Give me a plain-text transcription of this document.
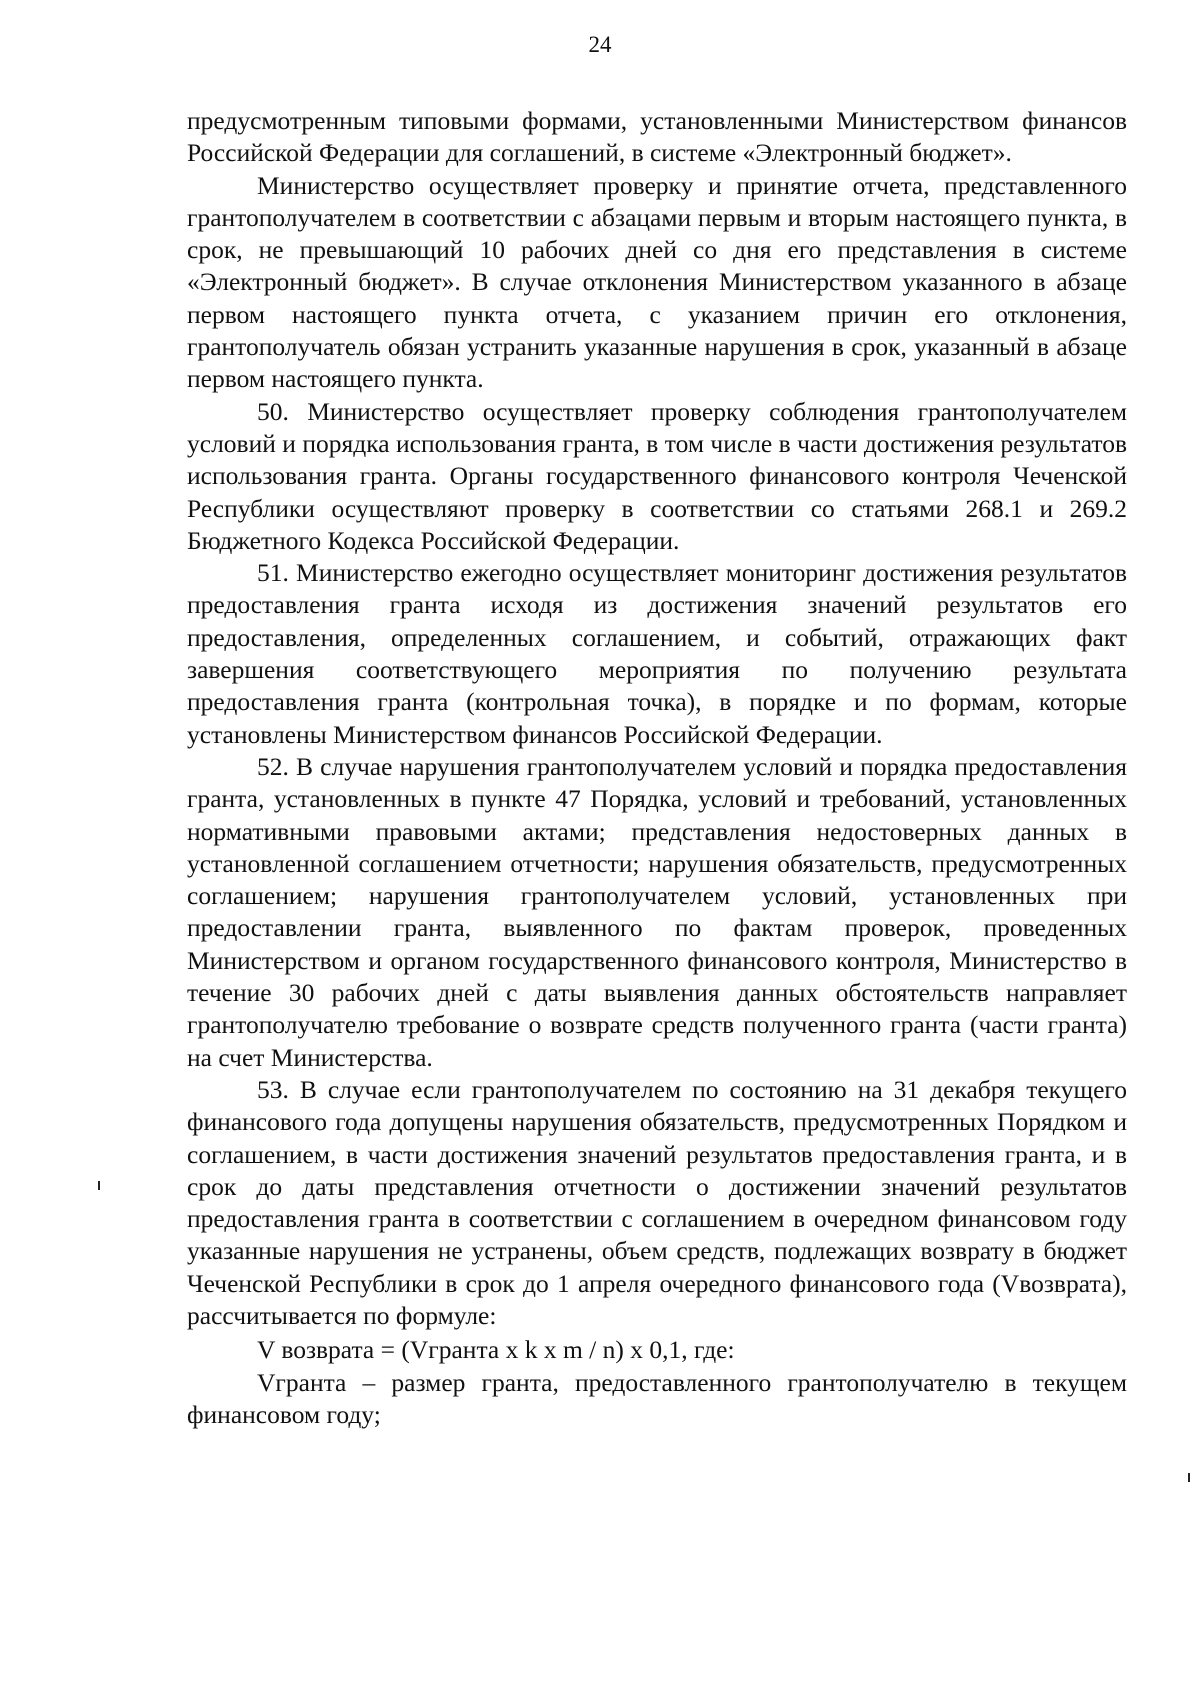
24

предусмотренным типовыми формами, установленными Министерством финансов Российской Федерации для соглашений, в системе «Электронный бюджет».

Министерство осуществляет проверку и принятие отчета, представленного грантополучателем в соответствии с абзацами первым и вторым настоящего пункта, в срок, не превышающий 10 рабочих дней со дня его представления в системе «Электронный бюджет». В случае отклонения Министерством указанного в абзаце первом настоящего пункта отчета, с указанием причин его отклонения, грантополучатель обязан устранить указанные нарушения в срок, указанный в абзаце первом настоящего пункта.

50. Министерство осуществляет проверку соблюдения грантополучателем условий и порядка использования гранта, в том числе в части достижения результатов использования гранта. Органы государственного финансового контроля Чеченской Республики осуществляют проверку в соответствии со статьями 268.1 и 269.2 Бюджетного Кодекса Российской Федерации.

51. Министерство ежегодно осуществляет мониторинг достижения результатов предоставления гранта исходя из достижения значений результатов его предоставления, определенных соглашением, и событий, отражающих факт завершения соответствующего мероприятия по получению результата предоставления гранта (контрольная точка), в порядке и по формам, которые установлены Министерством финансов Российской Федерации.

52. В случае нарушения грантополучателем условий и порядка предоставления гранта, установленных в пункте 47 Порядка, условий и требований, установленных нормативными правовыми актами; представления недостоверных данных в установленной соглашением отчетности; нарушения обязательств, предусмотренных соглашением; нарушения грантополучателем условий, установленных при предоставлении гранта, выявленного по фактам проверок, проведенных Министерством и органом государственного финансового контроля, Министерство в течение 30 рабочих дней с даты выявления данных обстоятельств направляет грантополучателю требование о возврате средств полученного гранта (части гранта) на счет Министерства.

53. В случае если грантополучателем по состоянию на 31 декабря текущего финансового года допущены нарушения обязательств, предусмотренных Порядком и соглашением, в части достижения значений результатов предоставления гранта, и в срок до даты представления отчетности о достижении значений результатов предоставления гранта в соответствии с соглашением в очередном финансовом году указанные нарушения не устранены, объем средств, подлежащих возврату в бюджет Чеченской Республики в срок до 1 апреля очередного финансового года (Vвозврата), рассчитывается по формуле:

V возврата = (Vгранта x k x m / n) x 0,1, где:

Vгранта – размер гранта, предоставленного грантополучателю в текущем финансовом году;
